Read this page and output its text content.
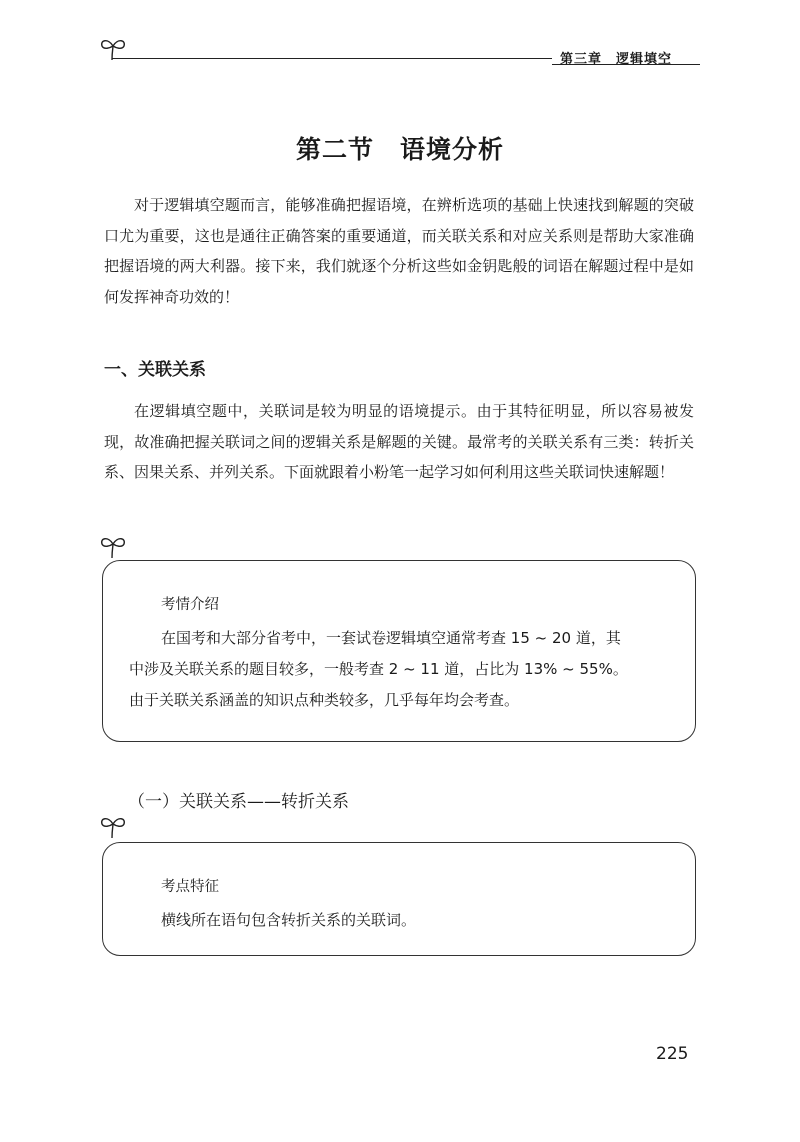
第三章 逻辑填空
第二节　语境分析

对于逻辑填空题而言，能够准确把握语境，在辨析选项的基础上快速找到解题的突破口尤为重要，这也是通往正确答案的重要通道，而关联关系和对应关系则是帮助大家准确把握语境的两大利器。接下来，我们就逐个分析这些如金钥匙般的词语在解题过程中是如何发挥神奇功效的！

一、关联关系

在逻辑填空题中，关联词是较为明显的语境提示。由于其特征明显，所以容易被发现，故准确把握关联词之间的逻辑关系是解题的关键。最常考的关联关系有三类：转折关系、因果关系、并列关系。下面就跟着小粉笔一起学习如何利用这些关联词快速解题！

考情介绍
在国考和大部分省考中，一套试卷逻辑填空通常考查 15 ~ 20 道，其
中涉及关联关系的题目较多，一般考查 2 ~ 11 道，占比为 13% ~ 55%。
由于关联关系涵盖的知识点种类较多，几乎每年均会考查。
（一）关联关系——转折关系
考点特征
横线所在语句包含转折关系的关联词。
225
